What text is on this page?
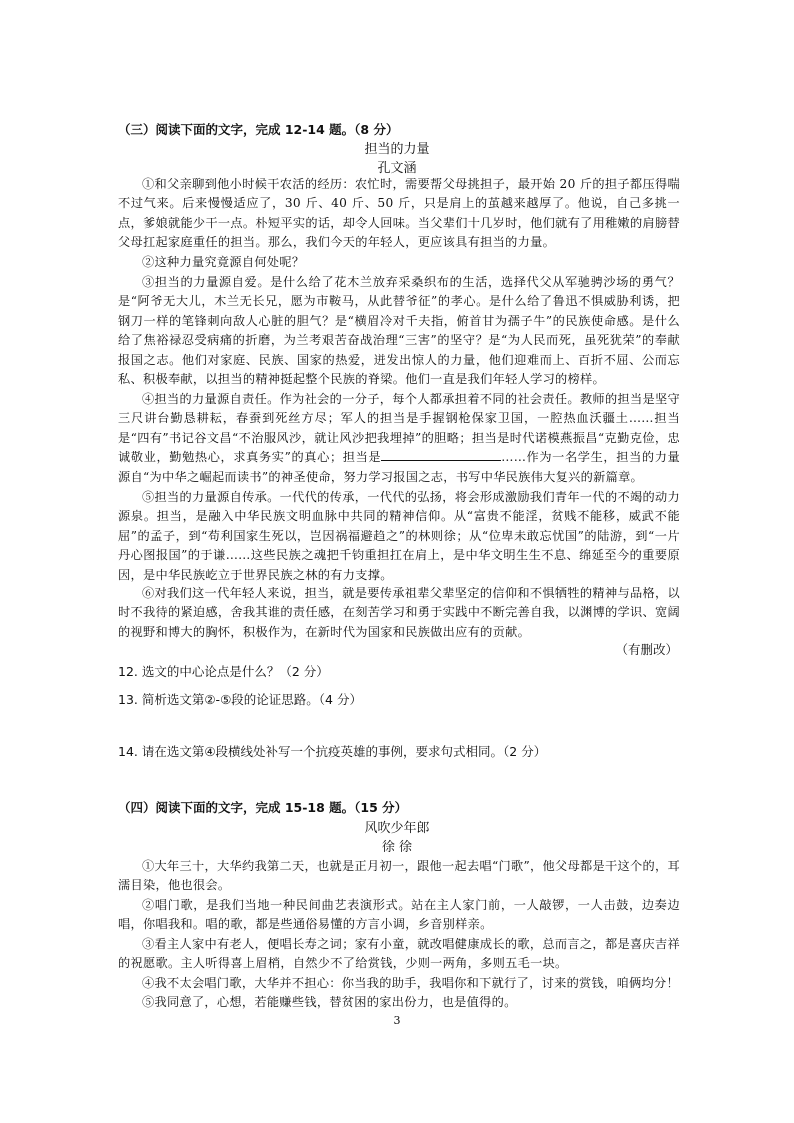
（三）阅读下面的文字，完成 12-14 题。（8 分）
担当的力量
孔文涵
①和父亲聊到他小时候干农活的经历：农忙时，需要帮父母挑担子，最开始 20 斤的担子都压得喘不过气来。后来慢慢适应了，30 斤、40 斤、50 斤，只是肩上的茧越来越厚了。他说，自己多挑一点，爹娘就能少干一点。朴短平实的话，却令人回味。当父辈们十几岁时，他们就有了用稚嫩的肩膀替父母扛起家庭重任的担当。那么，我们今天的年轻人，更应该具有担当的力量。
②这种力量究竟源自何处呢？
③担当的力量源自爱。是什么给了花木兰放弃采桑织布的生活，选择代父从军驰骋沙场的勇气？是“阿爷无大儿，木兰无长兄，愿为市鞍马，从此替爷征”的孝心。是什么给了鲁迅不惧威胁利诱，把钢刀一样的笔锋刺向敌人心脏的胆气？是“横眉冷对千夫指，俯首甘为孺子牛”的民族使命感。是什么给了焦裕禄忍受病痛的折磨，为兰考艰苦奋战治理“三害”的坚守？是“为人民而死，虽死犹荣”的奉献报国之志。他们对家庭、民族、国家的热爱，迸发出惊人的力量，他们迎难而上、百折不屈、公而忘私、积极奉献，以担当的精神挺起整个民族的脊梁。他们一直是我们年轻人学习的榜样。
④担当的力量源自责任。作为社会的一分子，每个人都承担着不同的社会责任。教师的担当是坚守三尺讲台勤恳耕耘，春蚕到死丝方尽；军人的担当是手握钢枪保家卫国，一腔热血沃疆土……担当是“四有”书记谷文昌“不治服风沙，就让风沙把我埋掉”的胆略；担当是时代诺模燕振昌“克勤克俭，忠诚敬业，勤勉热心，求真务实”的真心；担当是	……作为一名学生，担当的力量源自“为中华之崛起而读书”的神圣使命，努力学习报国之志，书写中华民族伟大复兴的新篇章。
⑤担当的力量源自传承。一代代的传承，一代代的弘扬，将会形成激励我们青年一代的不竭的动力源泉。担当，是融入中华民族文明血脉中共同的精神信仰。从“富贵不能淫，贫贱不能移，威武不能屈”的孟子，到“苟利国家生死以，岂因祸福避趋之”的林则徐；从“位卑未敢忘忧国”的陆游，到“一片丹心图报国”的于谦……这些民族之魂把千钧重担扛在肩上，是中华文明生生不息、绵延至今的重要原因，是中华民族屹立于世界民族之林的有力支撑。
⑥对我们这一代年轻人来说，担当，就是要传承祖辈父辈坚定的信仰和不惧牺牲的精神与品格，以时不我待的紧迫感，舍我其谁的责任感，在刻苦学习和勇于实践中不断完善自我，以渊博的学识、宽阔的视野和博大的胸怀，积极作为，在新时代为国家和民族做出应有的贡献。
（有删改）
12. 选文的中心论点是什么？（2 分）
13. 简析选文第②-⑤段的论证思路。（4 分）
14. 请在选文第④段横线处补写一个抗疫英雄的事例，要求句式相同。（2 分）
（四）阅读下面的文字，完成 15-18 题。（15 分）
风吹少年郎
徐 徐
①大年三十，大华约我第二天，也就是正月初一，跟他一起去唱“门歌”，他父母都是干这个的，耳濡目染，他也很会。
②唱门歌，是我们当地一种民间曲艺表演形式。站在主人家门前，一人敲锣，一人击鼓，边奏边唱，你唱我和。唱的歌，都是些通俗易懂的方言小调，乡音别样亲。
③看主人家中有老人，便唱长寿之词；家有小童，就改唱健康成长的歌，总而言之，都是喜庆吉祥的祝愿歌。主人听得喜上眉梢，自然少不了给赏钱，少则一两角，多则五毛一块。
④我不太会唱门歌，大华并不担心：你当我的助手，我唱你和下就行了，讨来的赏钱，咱俩均分！
⑤我同意了，心想，若能赚些钱，替贫困的家出份力，也是值得的。
3
